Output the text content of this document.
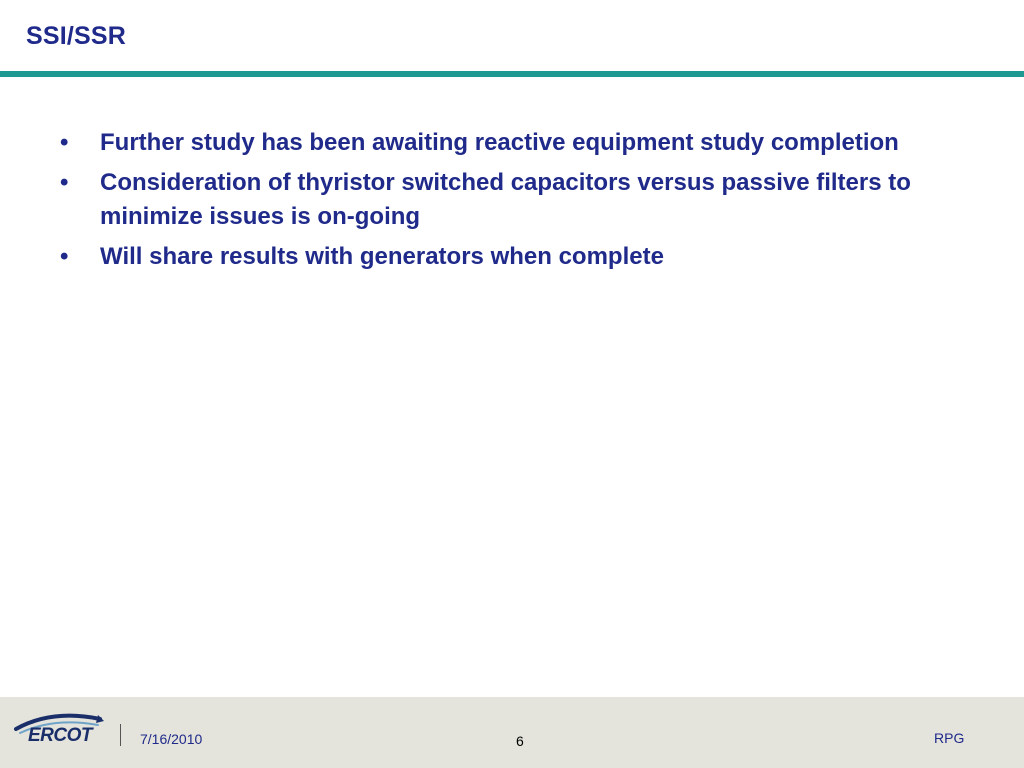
SSI/SSR
•	Further study has been awaiting reactive equipment study completion
•	Consideration of thyristor switched capacitors versus passive filters to minimize issues is on-going
•	Will share results with generators when complete
ERCOT	7/16/2010	6	RPG
